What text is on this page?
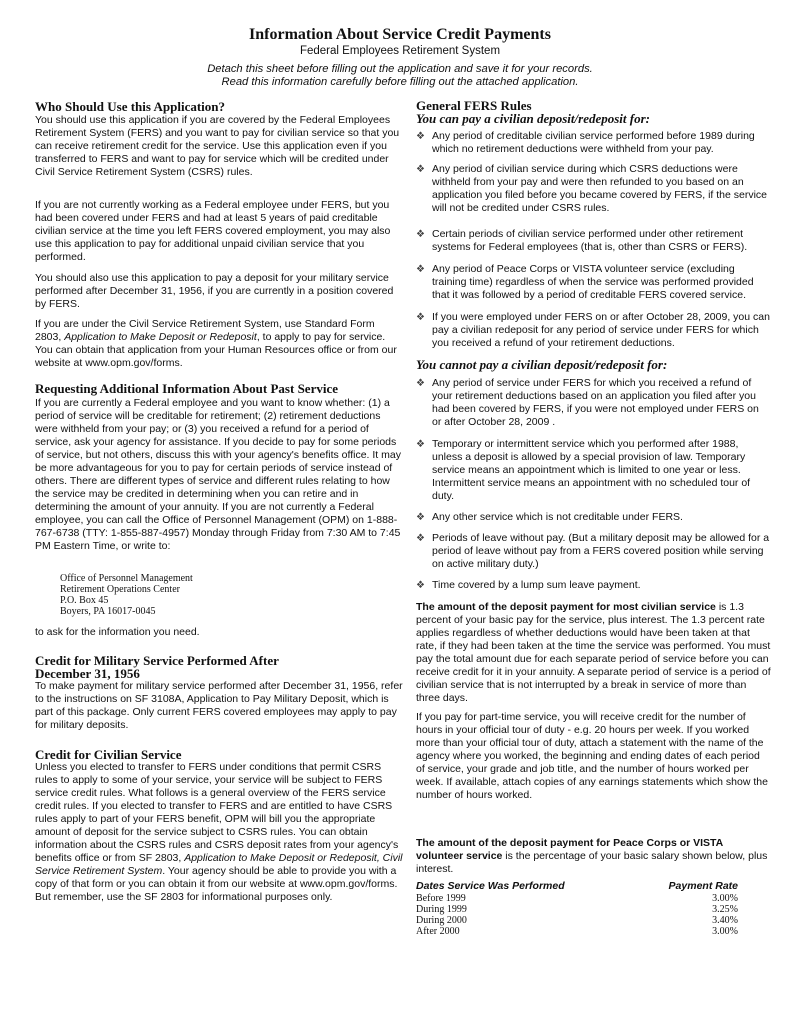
Information About Service Credit Payments
Federal Employees Retirement System
Detach this sheet before filling out the application and save it for your records.
Read this information carefully before filling out the attached application.
Who Should Use this Application?

You should use this application if you are covered by the Federal Employees Retirement System (FERS) and you want to pay for civilian service so that you can receive retirement credit for the service. Use this application even if you transferred to FERS and want to pay for service which will be credited under Civil Service Retirement System (CSRS) rules.

If you are not currently working as a Federal employee under FERS, but you had been covered under FERS and had at least 5 years of paid creditable civilian service at the time you left FERS covered employment, you may also use this application to pay for additional unpaid civilian service that you performed.

You should also use this application to pay a deposit for your military service performed after December 31, 1956, if you are currently in a position covered by FERS.

If you are under the Civil Service Retirement System, use Standard Form 2803, Application to Make Deposit or Redeposit, to apply to pay for service. You can obtain that application from your Human Resources office or from our website at www.opm.gov/forms.

Requesting Additional Information About Past Service

If you are currently a Federal employee and you want to know whether: (1) a period of service will be creditable for retirement; (2) retirement deductions were withheld from your pay; or (3) you received a refund for a period of service, ask your agency for assistance. If you decide to pay for some periods of service, but not others, discuss this with your agency's benefits office. It may be more advantageous for you to pay for certain periods of service instead of others. There are different types of service and different rules relating to how the service may be credited in determining when you can retire and in determining the amount of your annuity. If you are not currently a Federal employee, you can call the Office of Personnel Management (OPM) on 1-888-767-6738 (TTY: 1-855-887-4957) Monday through Friday from 7:30 AM to 7:45 PM Eastern Time, or write to:

Office of Personnel Management
Retirement Operations Center
P.O. Box 45
Boyers, PA 16017-0045

to ask for the information you need.

Credit for Military Service Performed After
December 31, 1956

To make payment for military service performed after December 31, 1956, refer to the instructions on SF 3108A, Application to Pay Military Deposit, which is part of this package. Only current FERS covered employees may apply to pay for military deposits.

Credit for Civilian Service

Unless you elected to transfer to FERS under conditions that permit CSRS rules to apply to some of your service, your service will be subject to FERS service credit rules. What follows is a general overview of the FERS service credit rules. If you elected to transfer to FERS and are entitled to have CSRS rules apply to part of your FERS benefit, OPM will bill you the appropriate amount of deposit for the service subject to CSRS rules. You can obtain information about the CSRS rules and CSRS deposit rates from your agency's benefits office or from SF 2803, Application to Make Deposit or Redeposit, Civil Service Retirement System. Your agency should be able to provide you with a copy of that form or you can obtain it from our website at www.opm.gov/forms. But remember, use the SF 2803 for informational purposes only.

General FERS Rules
You can pay a civilian deposit/redeposit for:
❖ Any period of creditable civilian service performed before 1989 during which no retirement deductions were withheld from your pay.
❖ Any period of civilian service during which CSRS deductions were withheld from your pay and were then refunded to you based on an application you filed before you became covered by FERS, if the service will not be credited under CSRS rules.
❖ Certain periods of civilian service performed under other retirement systems for Federal employees (that is, other than CSRS or FERS).
❖ Any period of Peace Corps or VISTA volunteer service (excluding training time) regardless of when the service was performed provided that it was followed by a period of creditable FERS covered service.
❖ If you were employed under FERS on or after October 28, 2009, you can pay a civilian redeposit for any period of service under FERS for which you received a refund of your retirement deductions.
You cannot pay a civilian deposit/redeposit for:
❖ Any period of service under FERS for which you received a refund of your retirement deductions based on an application you filed after you had been covered by FERS, if you were not employed under FERS on or after October 28, 2009 .
❖ Temporary or intermittent service which you performed after 1988, unless a deposit is allowed by a special provision of law. Temporary service means an appointment which is limited to one year or less. Intermittent service means an appointment with no scheduled tour of duty.
❖ Any other service which is not creditable under FERS.
❖ Periods of leave without pay. (But a military deposit may be allowed for a period of leave without pay from a FERS covered position while serving on active military duty.)
❖ Time covered by a lump sum leave payment.

The amount of the deposit payment for most civilian service is 1.3 percent of your basic pay for the service, plus interest. The 1.3 percent rate applies regardless of whether deductions would have been taken at that rate, if they had been taken at the time the service was performed. You must pay the total amount due for each separate period of service before you can receive credit for it in your annuity. A separate period of service is a period of civilian service that is not interrupted by a break in service of more than three days.

If you pay for part-time service, you will receive credit for the number of hours in your official tour of duty - e.g. 20 hours per week. If you worked more than your official tour of duty, attach a statement with the name of the agency where you worked, the beginning and ending dates of each period of service, your grade and job title, and the number of hours worked per week. If available, attach copies of any earnings statements which show the number of hours worked.

The amount of the deposit payment for Peace Corps or VISTA volunteer service is the percentage of your basic salary shown below, plus interest.

Dates Service Was Performed	Payment Rate
Before 1999	3.00%
During 1999	3.25%
During 2000	3.40%
After 2000	3.00%
